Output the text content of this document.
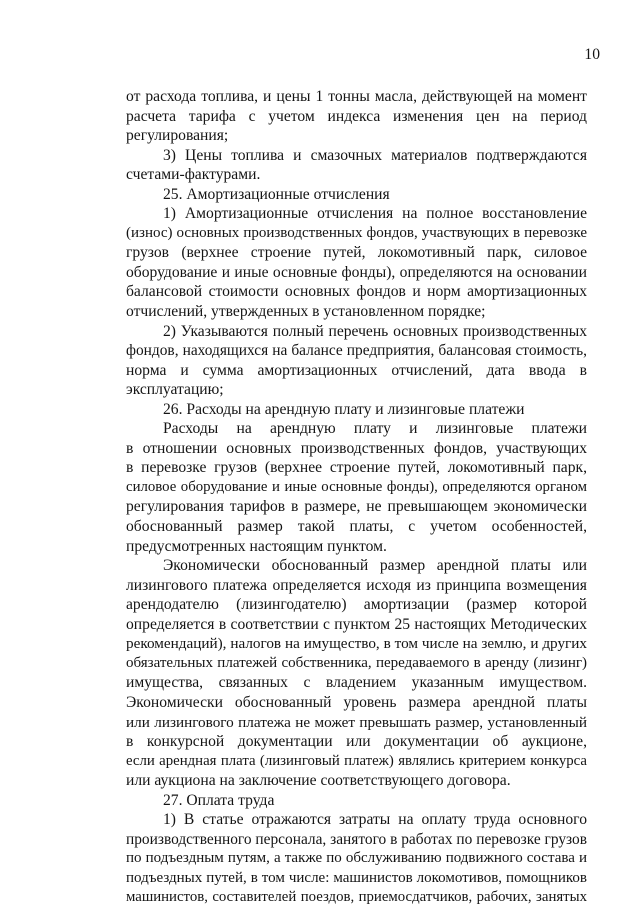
10
от расхода топлива, и цены 1 тонны масла, действующей на момент
расчета тарифа с учетом индекса изменения цен на период
регулирования;
3) Цены топлива и смазочных материалов подтверждаются
счетами-фактурами.
25. Амортизационные отчисления
1) Амортизационные отчисления на полное восстановление
(износ) основных производственных фондов, участвующих в перевозке
грузов (верхнее строение путей, локомотивный парк, силовое
оборудование и иные основные фонды), определяются на основании
балансовой стоимости основных фондов и норм амортизационных
отчислений, утвержденных в установленном порядке;
2) Указываются полный перечень основных производственных
фондов, находящихся на балансе предприятия, балансовая стоимость,
норма и сумма амортизационных отчислений, дата ввода в
эксплуатацию;
26. Расходы на арендную плату и лизинговые платежи
Расходы на арендную плату и лизинговые платежи
в отношении основных производственных фондов, участвующих
в перевозке грузов (верхнее строение путей, локомотивный парк,
силовое оборудование и иные основные фонды), определяются органом
регулирования тарифов в размере, не превышающем экономически
обоснованный размер такой платы, с учетом особенностей,
предусмотренных настоящим пунктом.
Экономически обоснованный размер арендной платы или
лизингового платежа определяется исходя из принципа возмещения
арендодателю (лизингодателю) амортизации (размер которой
определяется в соответствии с пунктом 25 настоящих Методических
рекомендаций), налогов на имущество, в том числе на землю, и других
обязательных платежей собственника, передаваемого в аренду (лизинг)
имущества, связанных с владением указанным имуществом.
Экономически обоснованный уровень размера арендной платы
или лизингового платежа не может превышать размер, установленный
в конкурсной документации или документации об аукционе,
если арендная плата (лизинговый платеж) являлись критерием конкурса
или аукциона на заключение соответствующего договора.
27. Оплата труда
1) В статье отражаются затраты на оплату труда основного
производственного персонала, занятого в работах по перевозке грузов
по подъездным путям, а также по обслуживанию подвижного состава и
подъездных путей, в том числе: машинистов локомотивов, помощников
машинистов, составителей поездов, приемосдатчиков, рабочих, занятых
